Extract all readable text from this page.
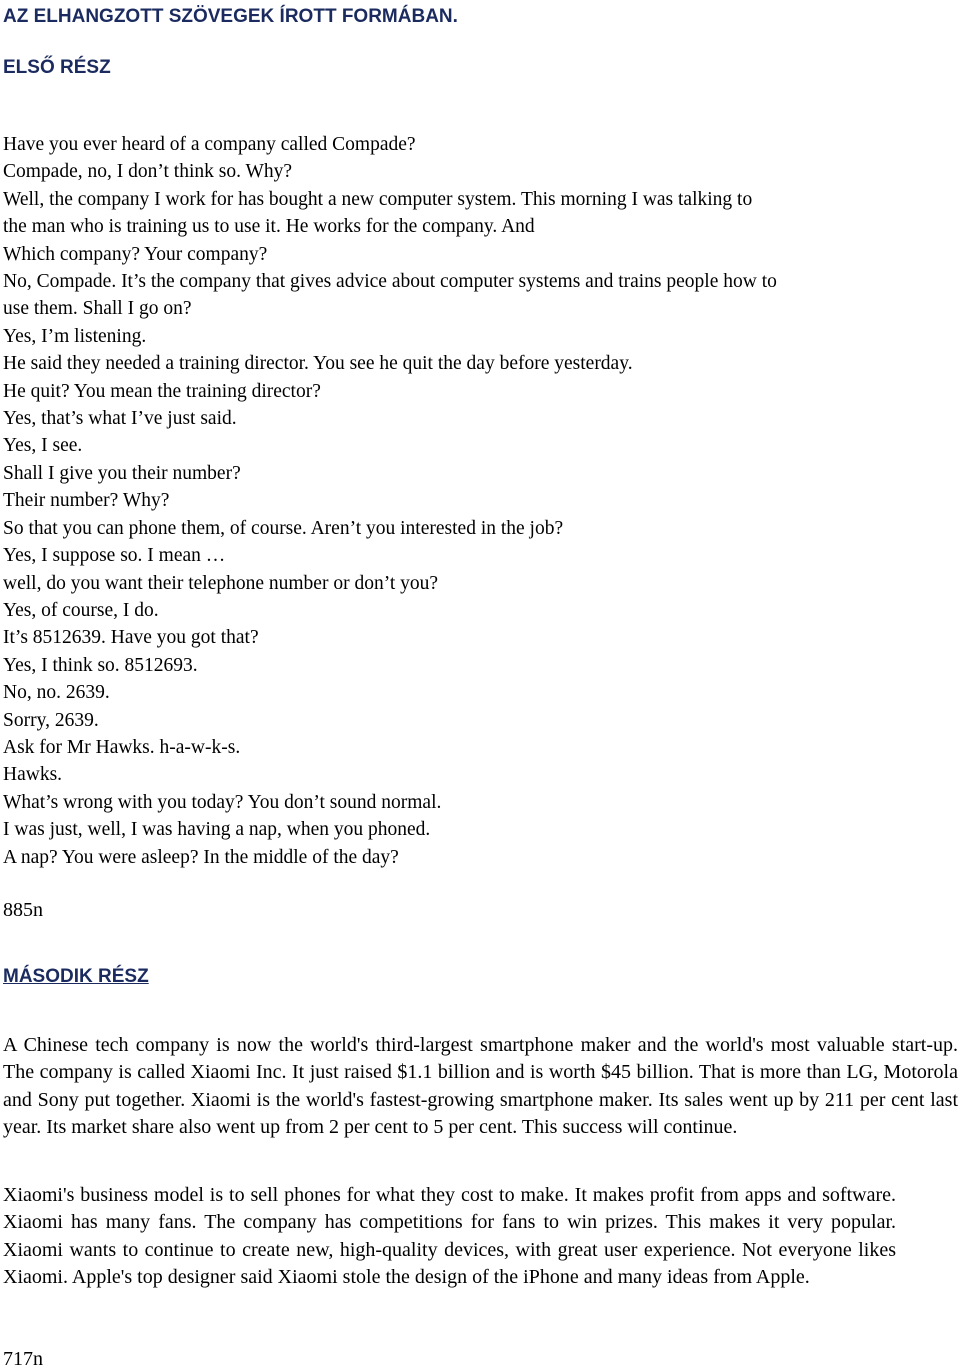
AZ ELHANGZOTT SZÖVEGEK ÍROTT FORMÁBAN.
ELSŐ RÉSZ
Have you ever heard of a company called Compade?
Compade, no, I don’t think so. Why?
Well, the company I work for has bought a new computer system. This morning I was talking to
the man who is training us to use it. He works for the company. And
Which company? Your company?
No, Compade. It’s the company that gives advice about computer systems and trains people how to
use them. Shall I go on?
Yes, I’m listening.
He said they needed a training director. You see he quit the day before yesterday.
He quit? You mean the training director?
Yes, that’s what I’ve just said.
Yes, I see.
Shall I give you their number?
Their number? Why?
So that you can phone them, of course. Aren’t you interested in the job?
Yes, I suppose so. I mean …
well, do you want their telephone number or don’t you?
Yes, of course, I do.
It’s 8512639. Have you got that?
Yes, I think so. 8512693.
No, no. 2639.
Sorry, 2639.
Ask for Mr Hawks. h-a-w-k-s.
Hawks.
What’s wrong with you today? You don’t sound normal.
I was just, well, I was having a nap, when you phoned.
A nap? You were asleep? In the middle of the day?
885n
MÁSODIK RÉSZ

A Chinese tech company is now the world's third-largest smartphone maker and the world's most valuable start-up. The company is called Xiaomi Inc. It just raised $1.1 billion and is worth $45 billion. That is more than LG, Motorola and Sony put together. Xiaomi is the world's fastest-growing smartphone maker. Its sales went up by 211 per cent last year. Its market share also went up from 2 per cent to 5 per cent. This success will continue.

Xiaomi's business model is to sell phones for what they cost to make. It makes profit from apps and software. Xiaomi has many fans. The company has competitions for fans to win prizes. This makes it very popular. Xiaomi wants to continue to create new, high-quality devices, with great user experience. Not everyone likes Xiaomi. Apple's top designer said Xiaomi stole the design of the iPhone and many ideas from Apple.

717n
